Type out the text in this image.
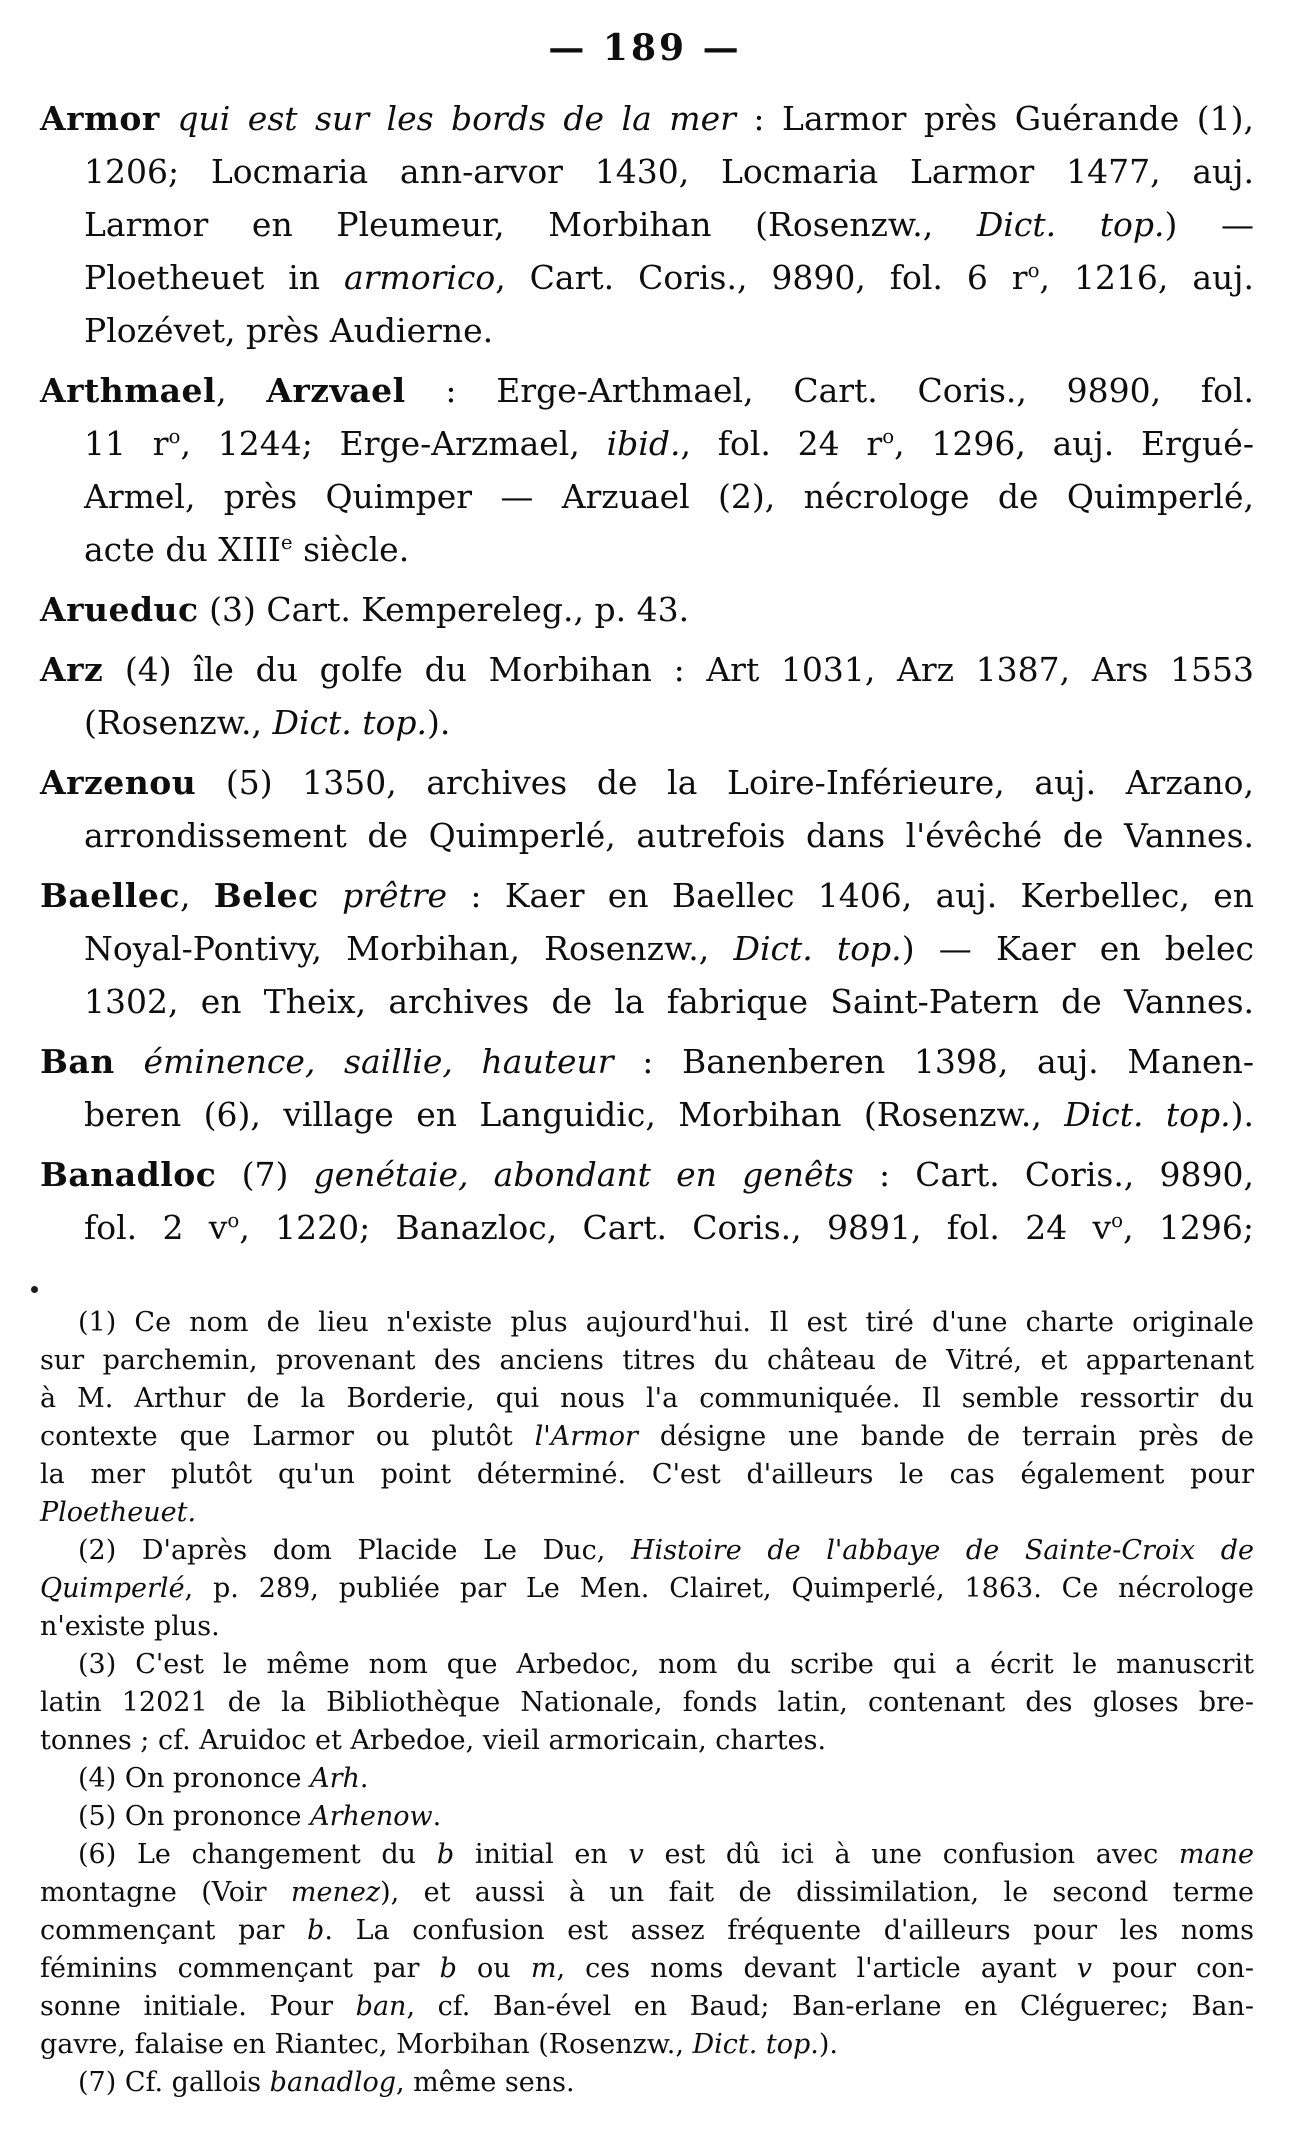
— 189 —
Armor qui est sur les bords de la mer : Larmor près Guérande (1),
1206; Locmaria ann-arvor 1430, Locmaria Larmor 1477, auj.
Larmor en Pleumeur, Morbihan (Rosenzw., Dict. top.) —
Ploetheuet in armorico, Cart. Coris., 9890, fol. 6 $r^o$, 1216, auj.
Plozévet, près Audierne.
Arthmael, Arzvael : Erge-Arthmael, Cart. Coris., 9890, fol.
11 $r^o$, 1244; Erge-Arzmael, ibid., fol. 24 $r^o$, 1296, auj. Ergué-
Armel, près Quimper — Arzuael (2), nécrologe de Quimperlé,
acte du XIIIe siècle.
Arueduc (3) Cart. Kempereleg., p. 43.
Arz (4) île du golfe du Morbihan : Art 1031, Arz 1387, Ars 1553
(Rosenzw., Dict. top.).
Arzenou (5) 1350, archives de la Loire-Inférieure, auj. Arzano,
arrondissement de Quimperlé, autrefois dans l'évêché de Vannes.
Baellec, Belec prêtre : Kaer en Baellec 1406, auj. Kerbellec, en
Noyal-Pontivy, Morbihan, Rosenzw., Dict. top.) — Kaer en belec
1302, en Theix, archives de la fabrique Saint-Patern de Vannes.
Ban éminence, saillie, hauteur : Banenberen 1398, auj. Manen-
beren (6), village en Languidic, Morbihan (Rosenzw., Dict. top.).
Banadloc (7) genétaie, abondant en genêts : Cart. Coris., 9890,
fol. 2 $v^o$, 1220; Banazloc, Cart. Coris., 9891, fol. 24 $v^o$, 1296;
(1) Ce nom de lieu n'existe plus aujourd'hui. Il est tiré d'une charte originale
sur parchemin, provenant des anciens titres du château de Vitré, et appartenant
à M. Arthur de la Borderie, qui nous l'a communiquée. Il semble ressortir du
contexte que Larmor ou plutôt l'Armor désigne une bande de terrain près de
la mer plutôt qu'un point déterminé. C'est d'ailleurs le cas également pour
Ploetheuet.
(2) D'après dom Placide Le Duc, Histoire de l'abbaye de Sainte-Croix de
Quimperlé, p. 289, publiée par Le Men. Clairet, Quimperlé, 1863. Ce nécrologe
n'existe plus.
(3) C'est le même nom que Arbedoc, nom du scribe qui a écrit le manuscrit
latin 12021 de la Bibliothèque Nationale, fonds latin, contenant des gloses bre-
tonnes ; cf. Aruidoc et Arbedoe, vieil armoricain, chartes.
(4) On prononce Arh.
(5) On prononce Arhenow.
(6) Le changement du b initial en v est dû ici à une confusion avec mane
montagne (Voir menez), et aussi à un fait de dissimilation, le second terme
commençant par b. La confusion est assez fréquente d'ailleurs pour les noms
féminins commençant par b ou m, ces noms devant l'article ayant v pour con-
sonne initiale. Pour ban, cf. Ban-ével en Baud; Ban-erlane en Cléguerec; Ban-
gavre, falaise en Riantec, Morbihan (Rosenzw., Dict. top.).
(7) Cf. gallois banadlog, même sens.
